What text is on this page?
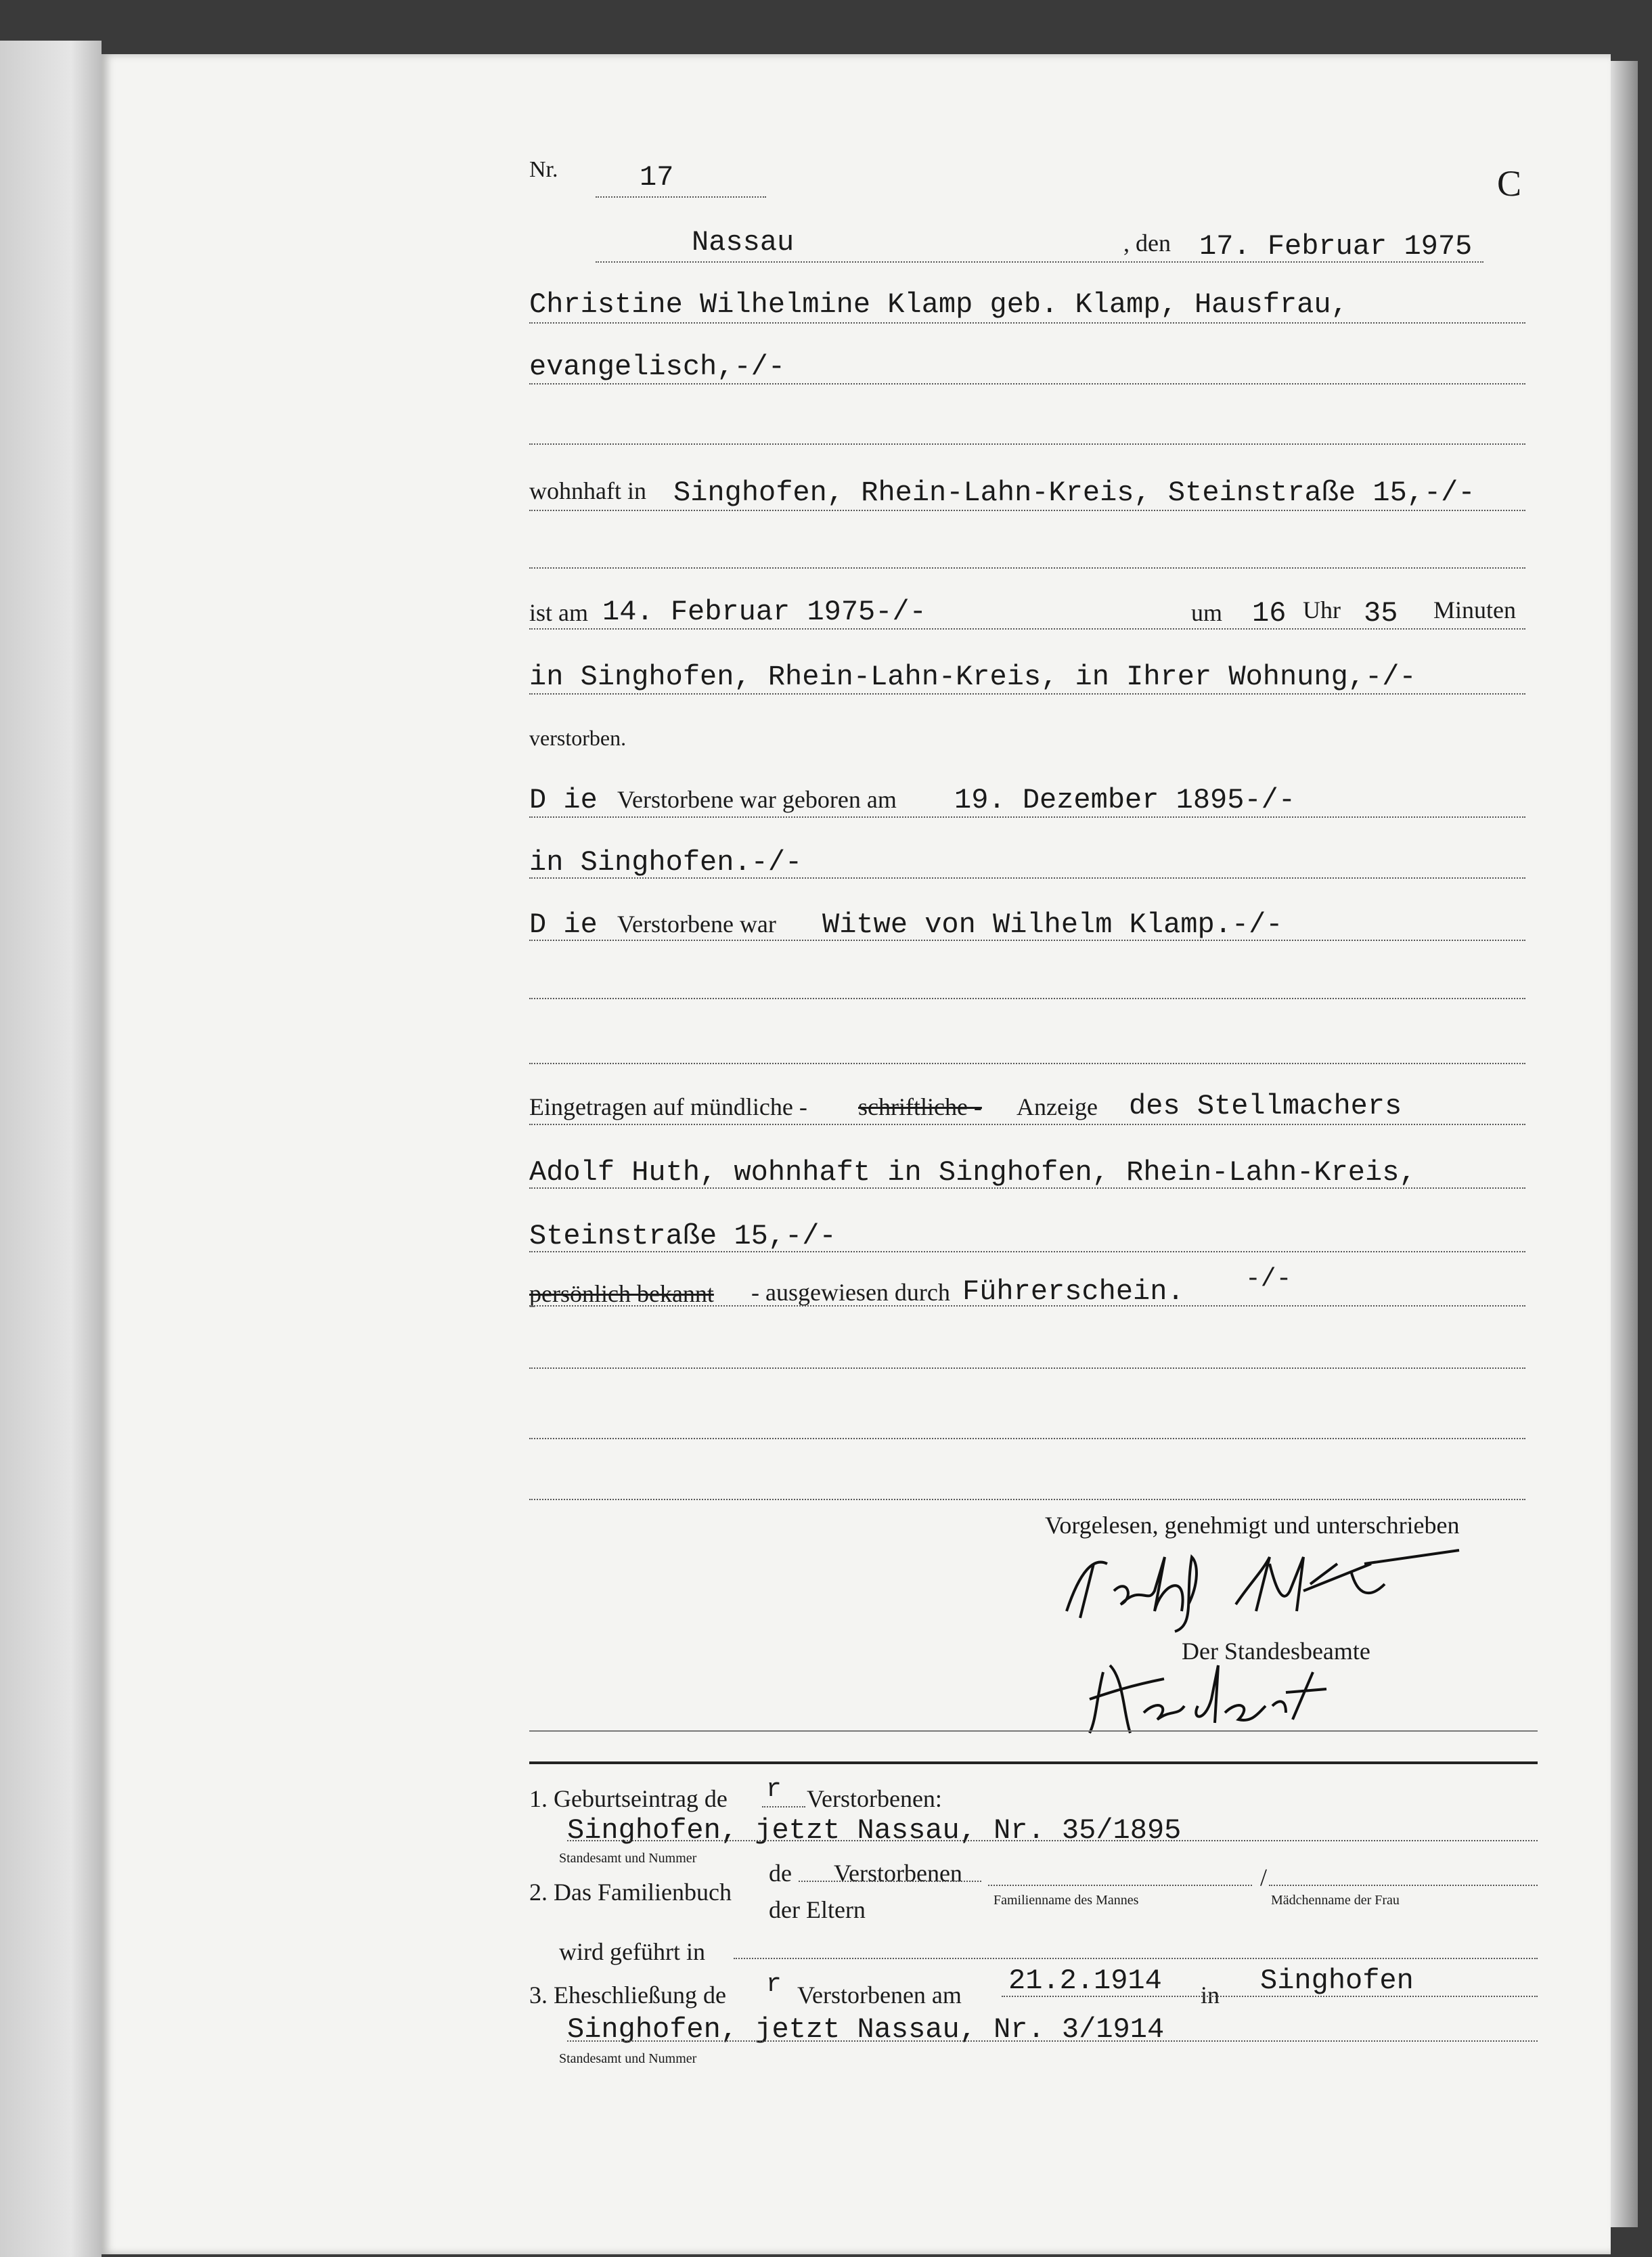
Nr.	17	C
Nassau	, den 17. Februar 1975
Christine Wilhelmine Klamp geb. Klamp, Hausfrau,
evangelisch,-/-
wohnhaft in Singhofen, Rhein-Lahn-Kreis, Steinstraße 15,-/-
ist am 14. Februar 1975-/-	um 16 Uhr 35 Minuten
in Singhofen, Rhein-Lahn-Kreis, in Ihrer Wohnung,-/-
verstorben.
D ie Verstorbene war geboren am 19. Dezember 1895-/-
in Singhofen.-/-
D ie Verstorbene war Witwe von Wilhelm Klamp.-/-
Eingetragen auf mündliche - schriftliche - Anzeige des Stellmachers
Adolf Huth, wohnhaft in Singhofen, Rhein-Lahn-Kreis,
Steinstraße 15,-/-
persönlich bekannt - ausgewiesen durch Führerschein. -/-
Vorgelesen, genehmigt und unterschrieben
Der Standesbeamte
1. Geburtseintrag de r Verstorbenen:
Singhofen, jetzt Nassau, Nr. 35/1895
Standesamt und Nummer
2. Das Familienbuch
de Verstorbenen
der Eltern
/
Familienname des Mannes	Mädchenname der Frau
wird geführt in
3. Eheschließung de r Verstorbenen am 21.2.1914 in Singhofen
Singhofen, jetzt Nassau, Nr. 3/1914
Standesamt und Nummer
